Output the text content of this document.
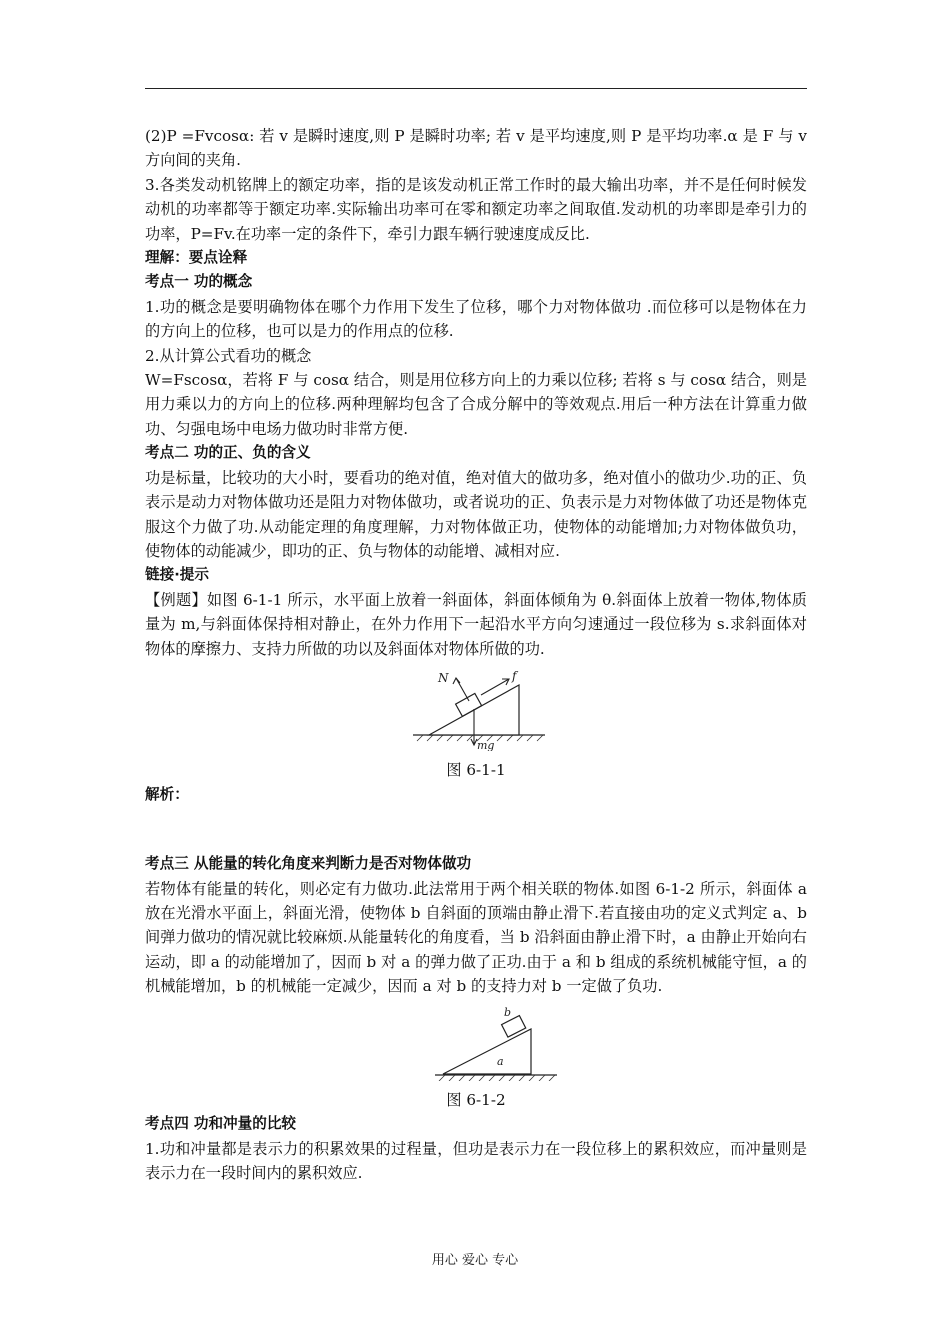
(2)P =Fvcosα: 若 v 是瞬时速度,则 P 是瞬时功率; 若 v 是平均速度,则 P 是平均功率.α 是 F 与 v 方向间的夹角.

3.各类发动机铭牌上的额定功率，指的是该发动机正常工作时的最大输出功率，并不是任何时候发动机的功率都等于额定功率.实际输出功率可在零和额定功率之间取值.发动机的功率即是牵引力的功率，P=Fv.在功率一定的条件下，牵引力跟车辆行驶速度成反比.

理解：要点诠释

考点一 功的概念

1.功的概念是要明确物体在哪个力作用下发生了位移，哪个力对物体做功 .而位移可以是物体在力的方向上的位移，也可以是力的作用点的位移.

2.从计算公式看功的概念

W=Fscosα，若将 F 与 cosα 结合，则是用位移方向上的力乘以位移; 若将 s 与 cosα 结合，则是用力乘以力的方向上的位移.两种理解均包含了合成分解中的等效观点.用后一种方法在计算重力做功、匀强电场中电场力做功时非常方便.

考点二 功的正、负的含义

功是标量，比较功的大小时，要看功的绝对值，绝对值大的做功多，绝对值小的做功少.功的正、负表示是动力对物体做功还是阻力对物体做功，或者说功的正、负表示是力对物体做了功还是物体克服这个力做了功.从动能定理的角度理解，力对物体做正功，使物体的动能增加;力对物体做负功，使物体的动能减少，即功的正、负与物体的动能增、减相对应.

链接·提示

【例题】如图 6-1-1 所示，水平面上放着一斜面体，斜面体倾角为 θ.斜面体上放着一物体,物体质量为 m,与斜面体保持相对静止，在外力作用下一起沿水平方向匀速通过一段位移为 s.求斜面体对物体的摩擦力、支持力所做的功以及斜面体对物体所做的功.

N	f
mg

图 6-1-1

解析：

考点三 从能量的转化角度来判断力是否对物体做功

若物体有能量的转化，则必定有力做功.此法常用于两个相关联的物体.如图 6-1-2 所示，斜面体 a 放在光滑水平面上，斜面光滑，使物体 b 自斜面的顶端由静止滑下.若直接由功的定义式判定 a、b 间弹力做功的情况就比较麻烦.从能量转化的角度看，当 b 沿斜面由静止滑下时，a 由静止开始向右运动，即 a 的动能增加了，因而 b 对 a 的弹力做了正功.由于 a 和 b 组成的系统机械能守恒，a 的机械能增加，b 的机械能一定减少，因而 a 对 b 的支持力对 b 一定做了负功.

b
a

图 6-1-2

考点四 功和冲量的比较

1.功和冲量都是表示力的积累效果的过程量，但功是表示力在一段位移上的累积效应，而冲量则是表示力在一段时间内的累积效应.

用心 爱心 专心
